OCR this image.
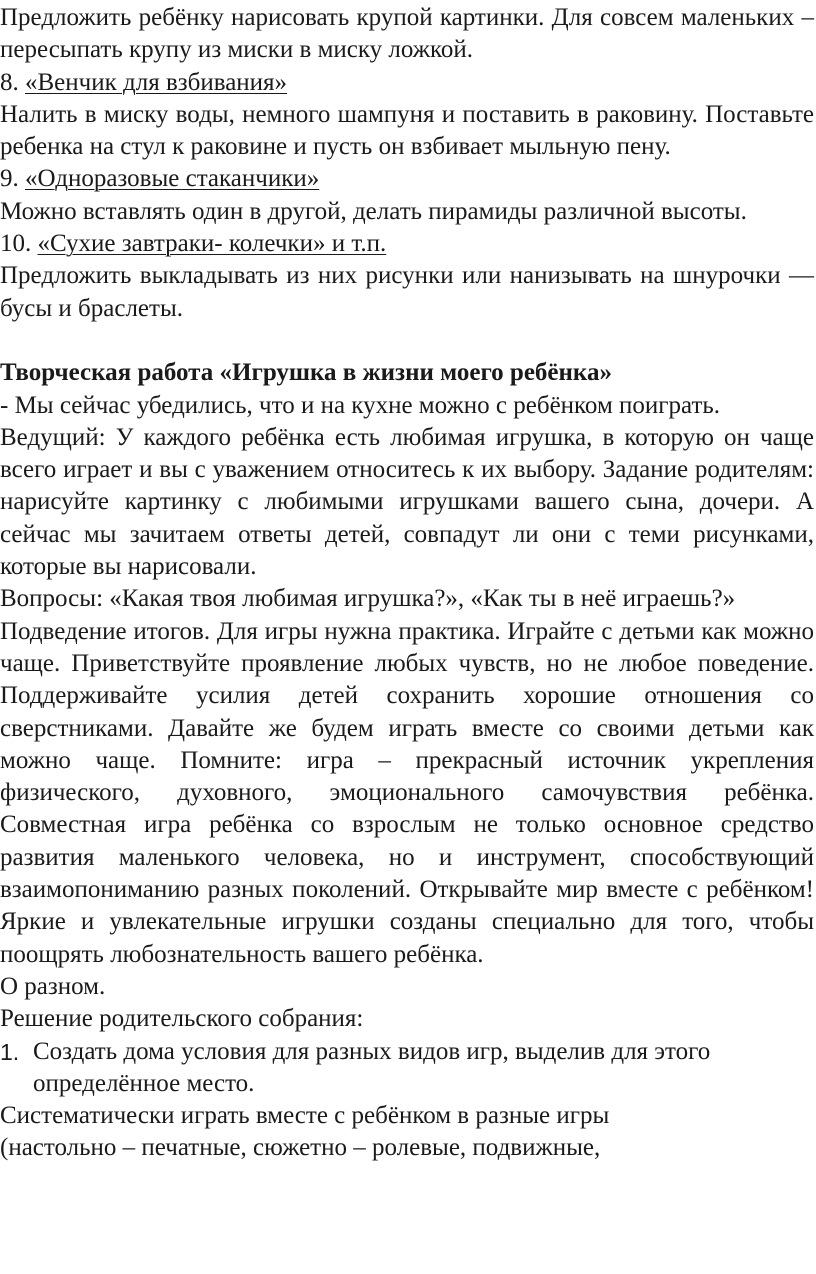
Предложить ребёнку нарисовать крупой картинки. Для совсем маленьких – пересыпать крупу из миски в миску ложкой.

8. «Венчик для взбивания»

Налить в миску воды, немного шампуня и поставить в раковину. Поставьте ребенка на стул к раковине и пусть он взбивает мыльную пену.

9. «Одноразовые стаканчики»

Можно вставлять один в другой, делать пирамиды различной высоты.

10. «Сухие завтраки- колечки» и т.п.

Предложить выкладывать из них рисунки или нанизывать на шнурочки — бусы и браслеты.

Творческая работа «Игрушка в жизни моего ребёнка»

- Мы сейчас убедились, что и на кухне можно с ребёнком поиграть.

Ведущий: У каждого ребёнка есть любимая игрушка, в которую он чаще всего играет и вы с уважением относитесь к их выбору. Задание родителям: нарисуйте картинку с любимыми игрушками вашего сына, дочери. А сейчас мы зачитаем ответы детей, совпадут ли они с теми рисунками, которые вы нарисовали.

Вопросы: «Какая твоя любимая игрушка?», «Как ты в неё играешь?»

Подведение итогов. Для игры нужна практика. Играйте с детьми как можно чаще. Приветствуйте проявление любых чувств, но не любое поведение. Поддерживайте усилия детей сохранить хорошие отношения со сверстниками. Давайте же будем играть вместе со своими детьми как можно чаще. Помните: игра – прекрасный источник укрепления физического, духовного, эмоционального самочувствия ребёнка. Совместная игра ребёнка со взрослым не только основное средство развития маленького человека, но и инструмент, способствующий взаимопониманию разных поколений. Открывайте мир вместе с ребёнком! Яркие и увлекательные игрушки созданы специально для того, чтобы поощрять любознательность вашего ребёнка.

О разном.

Решение родительского собрания:

1. Создать дома условия для разных видов игр, выделив для этого определённое место.

Систематически играть вместе с ребёнком в разные игры

(настольно – печатные, сюжетно – ролевые, подвижные,
